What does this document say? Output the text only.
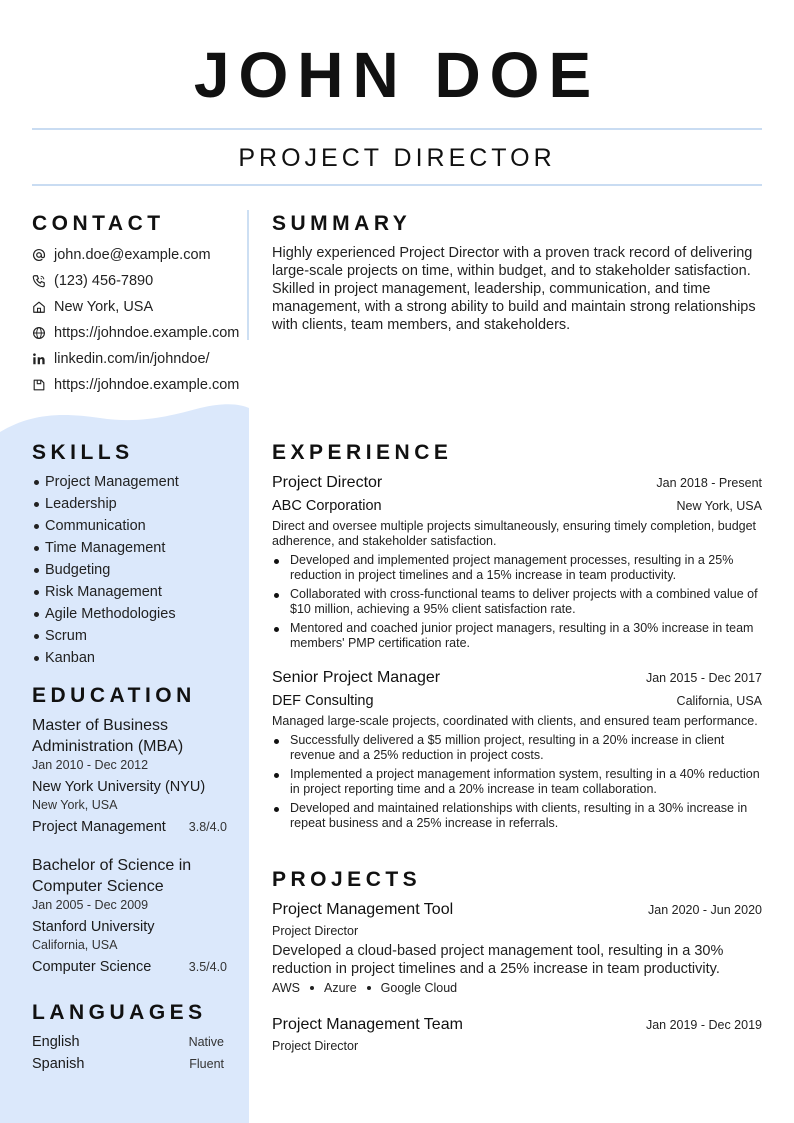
JOHN DOE
PROJECT DIRECTOR
CONTACT
john.doe@example.com
(123) 456-7890
New York, USA
https://johndoe.example.com
linkedin.com/in/johndoe/
https://johndoe.example.com
SUMMARY
Highly experienced Project Director with a proven track record of delivering large-scale projects on time, within budget, and to stakeholder satisfaction. Skilled in project management, leadership, communication, and time management, with a strong ability to build and maintain strong relationships with clients, team members, and stakeholders.
SKILLS
Project Management
Leadership
Communication
Time Management
Budgeting
Risk Management
Agile Methodologies
Scrum
Kanban
EDUCATION
Master of Business Administration (MBA)
Jan 2010 - Dec 2012
New York University (NYU)
New York, USA
Project Management 3.8/4.0
Bachelor of Science in Computer Science
Jan 2005 - Dec 2009
Stanford University
California, USA
Computer Science	3.5/4.0
LANGUAGES
English	Native
Spanish	Fluent
EXPERIENCE
Project Director	Jan 2018 - Present
ABC Corporation	New York, USA
Direct and oversee multiple projects simultaneously, ensuring timely completion, budget adherence, and stakeholder satisfaction.
Developed and implemented project management processes, resulting in a 25% reduction in project timelines and a 15% increase in team productivity.
Collaborated with cross-functional teams to deliver projects with a combined value of $10 million, achieving a 95% client satisfaction rate.
Mentored and coached junior project managers, resulting in a 30% increase in team members' PMP certification rate.
Senior Project Manager	Jan 2015 - Dec 2017
DEF Consulting	California, USA
Managed large-scale projects, coordinated with clients, and ensured team performance.
Successfully delivered a $5 million project, resulting in a 20% increase in client revenue and a 25% reduction in project costs.
Implemented a project management information system, resulting in a 40% reduction in project reporting time and a 20% increase in team collaboration.
Developed and maintained relationships with clients, resulting in a 30% increase in repeat business and a 25% increase in referrals.
PROJECTS
Project Management Tool	Jan 2020 - Jun 2020
Project Director
Developed a cloud-based project management tool, resulting in a 30% reduction in project timelines and a 25% increase in team productivity.
AWS Azure Google Cloud
Project Management Team	Jan 2019 - Dec 2019
Project Director
